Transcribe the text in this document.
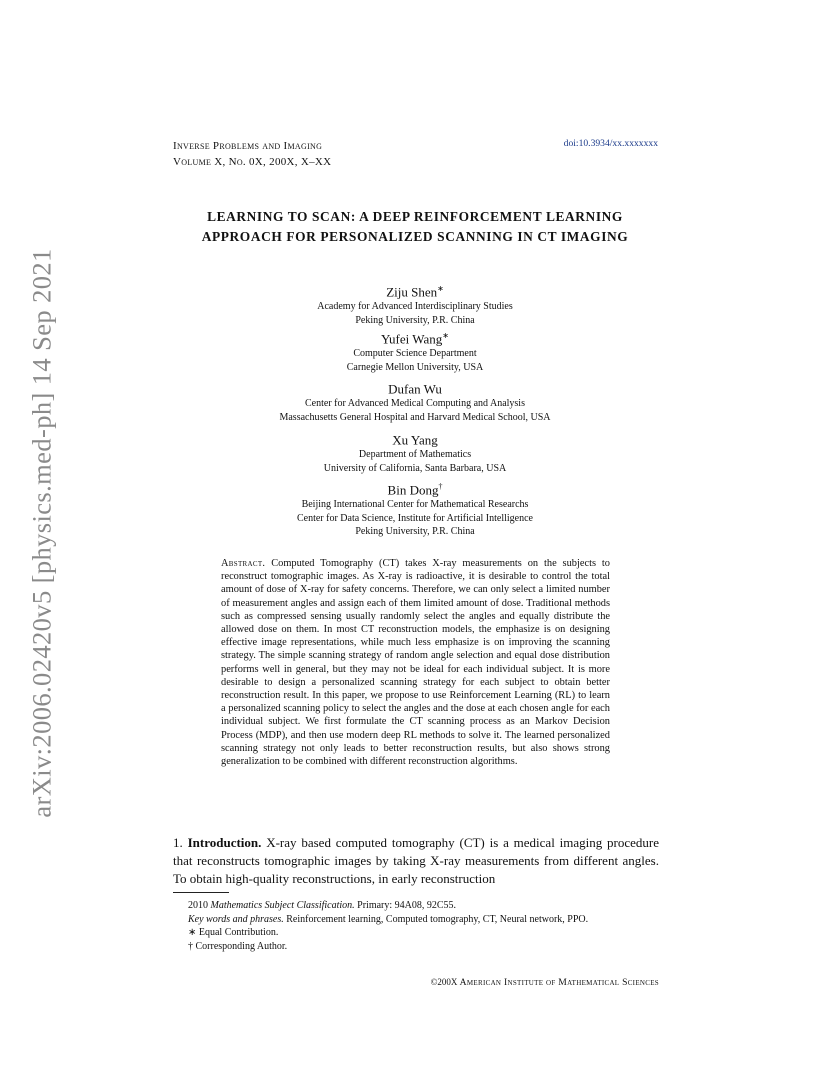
arXiv:2006.02420v5 [physics.med-ph] 14 Sep 2021
Inverse Problems and Imaging
Volume X, No. 0X, 200X, X–XX
doi:10.3934/xx.xxxxxxx
LEARNING TO SCAN: A DEEP REINFORCEMENT LEARNING
APPROACH FOR PERSONALIZED SCANNING IN CT IMAGING
Ziju Shen∗
Academy for Advanced Interdisciplinary Studies
Peking University, P.R. China
Yufei Wang∗
Computer Science Department
Carnegie Mellon University, USA
Dufan Wu
Center for Advanced Medical Computing and Analysis
Massachusetts General Hospital and Harvard Medical School, USA
Xu Yang
Department of Mathematics
University of California, Santa Barbara, USA
Bin Dong†
Beijing International Center for Mathematical Researchs
Center for Data Science, Institute for Artificial Intelligence
Peking University, P.R. China
Abstract. Computed Tomography (CT) takes X-ray measurements on the subjects to reconstruct tomographic images. As X-ray is radioactive, it is desirable to control the total amount of dose of X-ray for safety concerns. Therefore, we can only select a limited number of measurement angles and assign each of them limited amount of dose. Traditional methods such as compressed sensing usually randomly select the angles and equally distribute the allowed dose on them. In most CT reconstruction models, the emphasize is on designing effective image representations, while much less emphasize is on improving the scanning strategy. The simple scanning strategy of random angle selection and equal dose distribution performs well in general, but they may not be ideal for each individual subject. It is more desirable to design a personalized scanning strategy for each subject to obtain better reconstruction result. In this paper, we propose to use Reinforcement Learning (RL) to learn a personalized scanning policy to select the angles and the dose at each chosen angle for each individual subject. We first formulate the CT scanning process as an Markov Decision Process (MDP), and then use modern deep RL methods to solve it. The learned personalized scanning strategy not only leads to better reconstruction results, but also shows strong generalization to be combined with different reconstruction algorithms.
1. Introduction. X-ray based computed tomography (CT) is a medical imaging procedure that reconstructs tomographic images by taking X-ray measurements from different angles. To obtain high-quality reconstructions, in early reconstruction
2010 Mathematics Subject Classification. Primary: 94A08, 92C55.
Key words and phrases. Reinforcement learning, Computed tomography, CT, Neural network, PPO.
∗ Equal Contribution.
† Corresponding Author.
©200X American Institute of Mathematical Sciences
